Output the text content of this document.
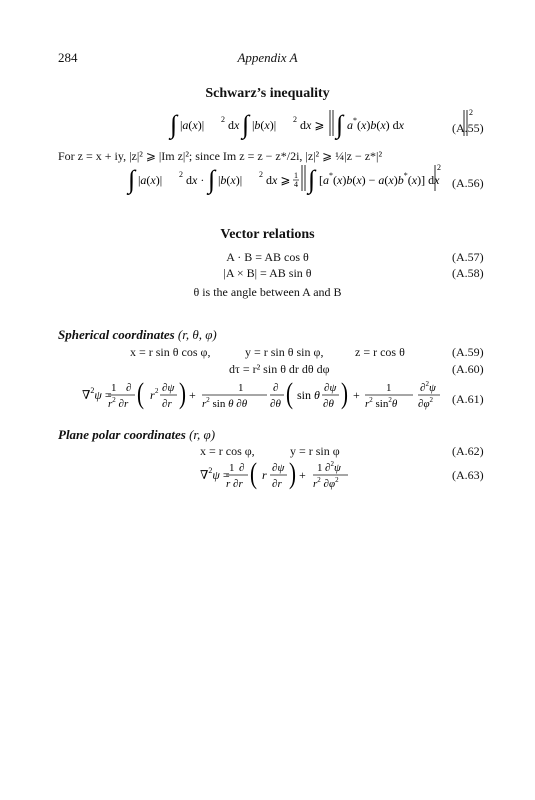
284	Appendix A
Schwarz’s inequality
∫ |a(x)| 2 dx ∫ |b(x)| 2 dx ⩾ ∫ a*(x)b(x) dx
2
(A.55)
For z = x + iy, |z|² ⩾ |Im z|²; since Im z = z − z*/2i, |z|² ⩾ ¼|z − z*|²
∫ |a(x)| 2 dx · ∫ |b(x)| 2 dx ⩾ 1
4 ∫ [a*(x)b(x) − a(x)b*(x)] dx
2
(A.56)
Vector relations
A · B = AB cos θ	(A.57)
|A × B| = AB sin θ	(A.58)
θ is the angle between A and B
Spherical coordinates (r, θ, φ)
x = r sin θ cos φ,	y = r sin θ sin φ,	z = r cos θ	(A.59)
dτ = r² sin θ dr dθ dφ	(A.60)
∇$^2$ψ = 1 ∂
$r^2$ ∂r ( r 2 ∂ψ
∂r ) +	1
$r^2$ sin θ ∂θ
∂
∂θ ( sin θ ∂ψ
∂θ ) + 1
$r^2$ $\sin^2\theta$
∂$^2$ψ
$\partial\varphi^2$ (A.61)
Plane polar coordinates (r, φ)
x = r cos φ,	y = r sin φ	(A.62)
∇$^2$ψ = 1 ∂
r ∂r ( r ∂ψ
∂r ) + 1 ∂$^2$ψ
$r^2$ $\partial\varphi^2$	(A.63)
